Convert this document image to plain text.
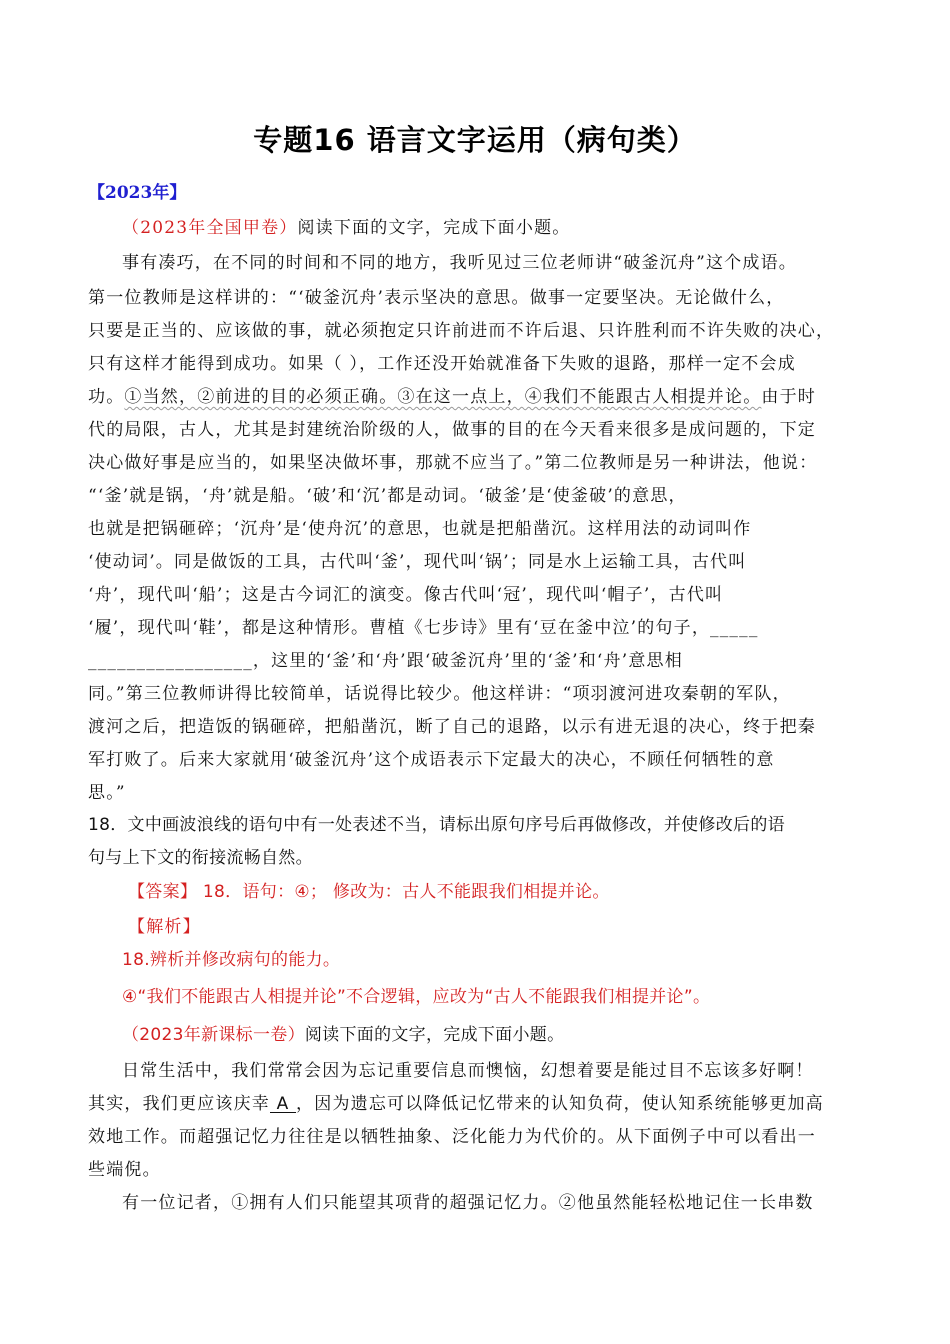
专题16 语言文字运用（病句类）
【2023年】
（2023年全国甲卷）阅读下面的文字，完成下面小题。
事有凑巧，在不同的时间和不同的地方，我听见过三位老师讲“破釜沉舟”这个成语。
第一位教师是这样讲的：“‘破釜沉舟’表示坚决的意思。做事一定要坚决。无论做什么，
只要是正当的、应该做的事，就必须抱定只许前进而不许后退、只许胜利而不许失败的决心，
只有这样才能得到成功。如果（ ），工作还没开始就准备下失败的退路，那样一定不会成
功。①当然，②前进的目的必须正确。③在这一点上，④我们不能跟古人相提并论。由于时
代的局限，古人，尤其是封建统治阶级的人，做事的目的在今天看来很多是成问题的，下定
决心做好事是应当的，如果坚决做坏事，那就不应当了。”第二位教师是另一种讲法，他说：
“‘釜’就是锅，‘舟’就是船。‘破’和‘沉’都是动词。‘破釜’是‘使釜破’的意思，
也就是把锅砸碎；‘沉舟’是‘使舟沉’的意思，也就是把船凿沉。这样用法的动词叫作
‘使动词’。同是做饭的工具，古代叫‘釜’，现代叫‘锅’；同是水上运输工具，古代叫
‘舟’，现代叫‘船’；这是古今词汇的演变。像古代叫‘冠’，现代叫‘帽子’，古代叫
‘履’，现代叫‘鞋’，都是这种情形。曹植《七步诗》里有‘豆在釜中泣’的句子，_____
_________________，这里的‘釜’和‘舟’跟‘破釜沉舟’里的‘釜’和‘舟’意思相
同。”第三位教师讲得比较简单，话说得比较少。他这样讲：“项羽渡河进攻秦朝的军队，
渡河之后，把造饭的锅砸碎，把船凿沉，断了自己的退路，以示有进无退的决心，终于把秦
军打败了。后来大家就用‘破釜沉舟’这个成语表示下定最大的决心，不顾任何牺牲的意
思。”
18．文中画波浪线的语句中有一处表述不当，请标出原句序号后再做修改，并使修改后的语
句与上下文的衔接流畅自然。
【答案】 18．语句：④； 修改为：古人不能跟我们相提并论。
【解析】
18.辨析并修改病句的能力。
④“我们不能跟古人相提并论”不合逻辑，应改为“古人不能跟我们相提并论”。
（2023年新课标一卷）阅读下面的文字，完成下面小题。
日常生活中，我们常常会因为忘记重要信息而懊恼，幻想着要是能过目不忘该多好啊！
其实，我们更应该庆幸 A ，因为遗忘可以降低记忆带来的认知负荷，使认知系统能够更加高
效地工作。而超强记忆力往往是以牺牲抽象、泛化能力为代价的。从下面例子中可以看出一
些端倪。
有一位记者，①拥有人们只能望其项背的超强记忆力。②他虽然能轻松地记住一长串数
